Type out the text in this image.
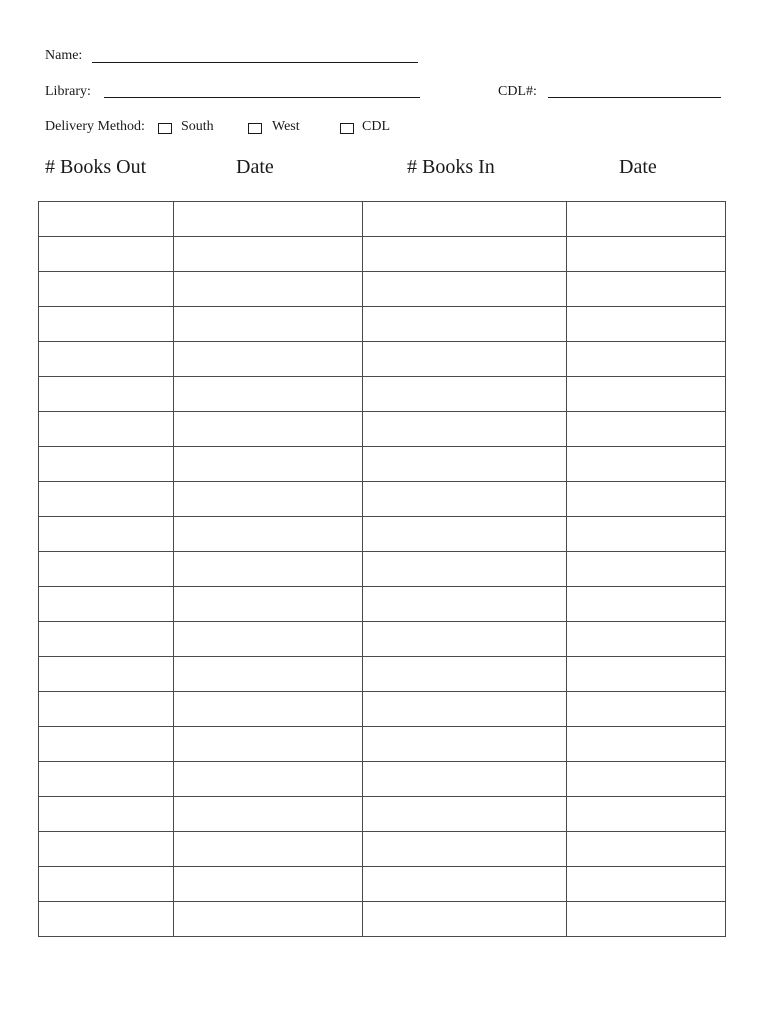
Name:
Library:	CDL#:
Delivery Method:	South	West	CDL
# Books Out	Date	# Books In	Date
